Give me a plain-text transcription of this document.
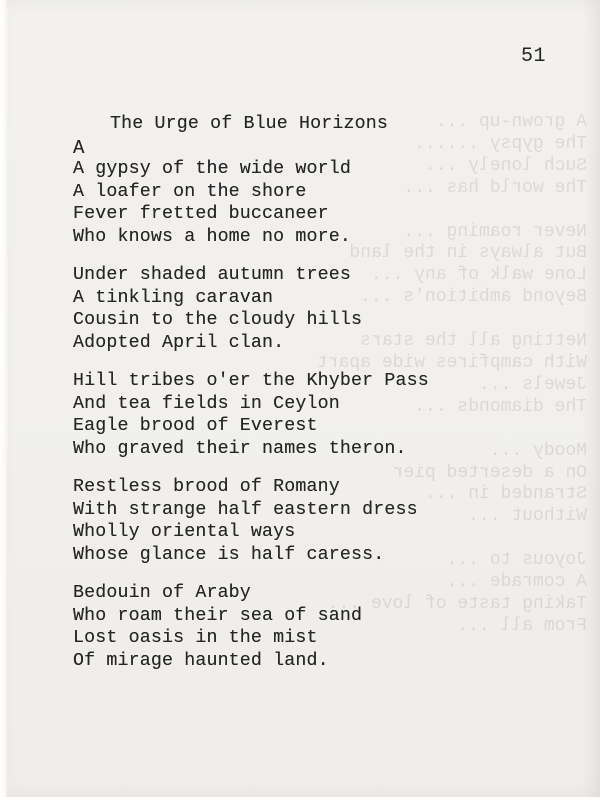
grown-up ...
The gypsy ......
Such lonely ...
The world has ...

Never roaming ...
But always in the land
Lone walk of any ...
Beyond ambition's ...

Netting all the stars
With campfires wide apart
Jewels ...
The diamonds ...

Moody ...
On a deserted pier
Stranded in ...
Without ...

Joyous to ...
comrade ...
Taking taste of love ...
From all ...
51
The Urge of Blue Horizons
A
A gypsy of the wide world
A loafer on the shore
Fever fretted buccaneer
Who knows a home no more.
Under shaded autumn trees
A tinkling caravan
Cousin to the cloudy hills
Adopted April clan.
Hill tribes o'er the Khyber Pass
And tea fields in Ceylon
Eagle brood of Everest
Who graved their names theron.
Restless brood of Romany
With strange half eastern dress
Wholly oriental ways
Whose glance is half caress.
Bedouin of Araby
Who roam their sea of sand
Lost oasis in the mist
Of mirage haunted land.
